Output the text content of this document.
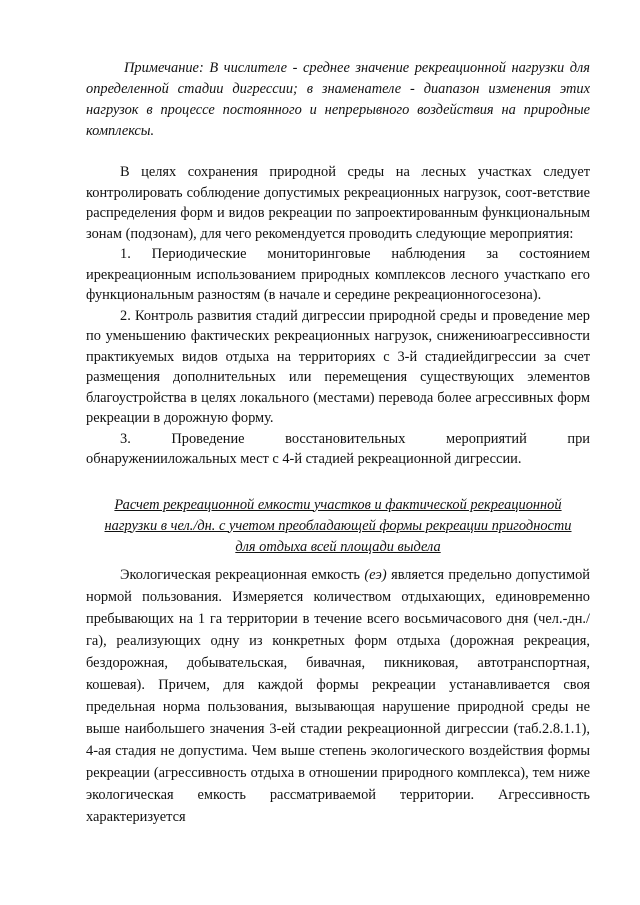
Примечание: В числителе - среднее значение рекреационной нагрузки для определенной стадии дигрессии; в знаменателе - диапазон изменения этих нагрузок в процессе постоянного и непрерывного воздействия на природные комплексы.

В целях сохранения природной среды на лесных участках следует контролировать соблюдение допустимых рекреационных нагрузок, соот-ветствие распределения форм и видов рекреации по запроектированным функциональным зонам (подзонам), для чего рекомендуется проводить следующие мероприятия:

1. Периодические мониторинговые наблюдения за состоянием ирекреационным использованием природных комплексов лесного участкапо его функциональным разностям (в начале и середине рекреационногосезона).

2. Контроль развития стадий дигрессии природной среды и проведение мер по уменьшению фактических рекреационных нагрузок, снижениюагрессивности практикуемых видов отдыха на территориях с 3-й стадиейдигрессии за счет размещения дополнительных или перемещения существующих элементов благоустройства в целях локального (местами) перевода более агрессивных форм рекреации в дорожную форму.

3. Проведение восстановительных мероприятий при обнаруженииложальных мест с 4-й стадией рекреационной дигрессии.

Расчет рекреационной емкости участков и фактической рекреационной нагрузки в чел./дн. с учетом преобладающей формы рекреации пригодности для отдыха всей площади выдела

Экологическая рекреационная емкость (eэ) является предельно допустимой нормой пользования. Измеряется количеством отдыхающих, единовременно пребывающих на 1 га территории в течение всего восьмичасового дня (чел.-дн./га), реализующих одну из конкретных форм отдыха (дорожная рекреация, бездорожная, добывательская, бивачная, пикниковая, автотранспортная, кошевая). Причем, для каждой формы рекреации устанавливается своя предельная норма пользования, вызывающая нарушение природной среды не выше наибольшего значения 3-ей стадии рекреационной дигрессии (таб.2.8.1.1), 4-ая стадия не допустима. Чем выше степень экологического воздействия формы рекреации (агрессивность отдыха в отношении природного комплекса), тем ниже экологическая емкость рассматриваемой территории. Агрессивность характеризуется
